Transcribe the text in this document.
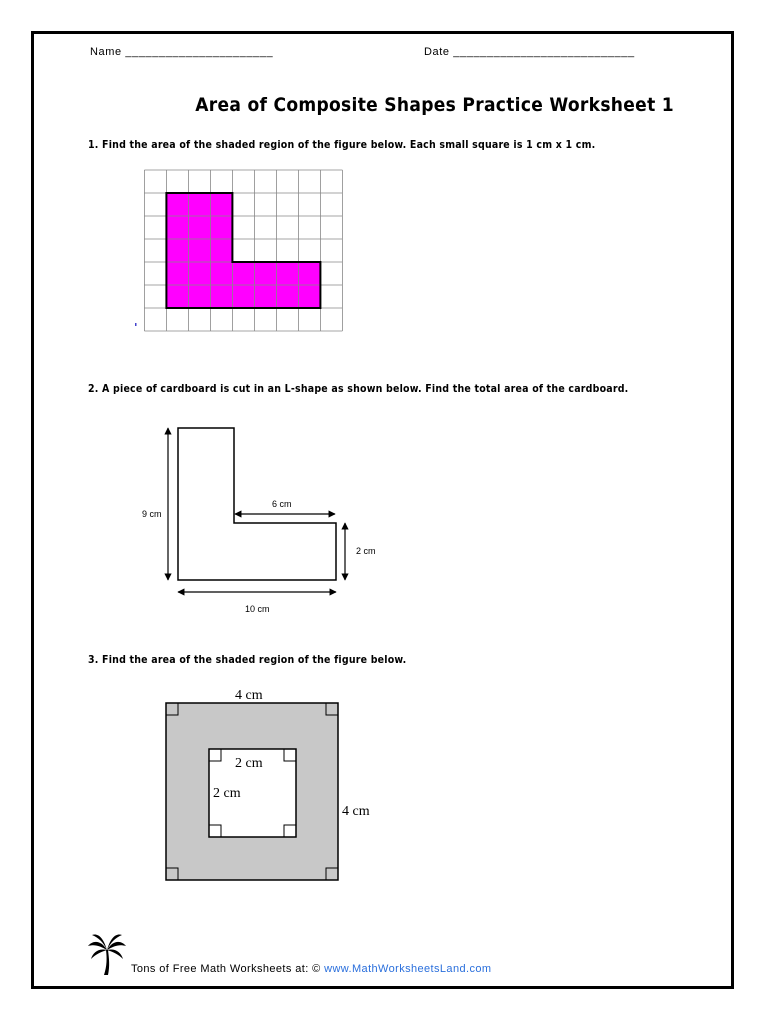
Name ______________________	Date ___________________________
Area of Composite Shapes Practice Worksheet 1
1. Find the area of the shaded region of the figure below. Each small square is 1 cm x 1 cm.
2. A piece of cardboard is cut in an L-shape as shown below. Find the total area of the cardboard.
9 cm
6 cm
2 cm
10 cm
3. Find the area of the shaded region of the figure below.
4 cm
4 cm
2 cm
2 cm
Tons of Free Math Worksheets at: © www.MathWorksheetsLand.com
